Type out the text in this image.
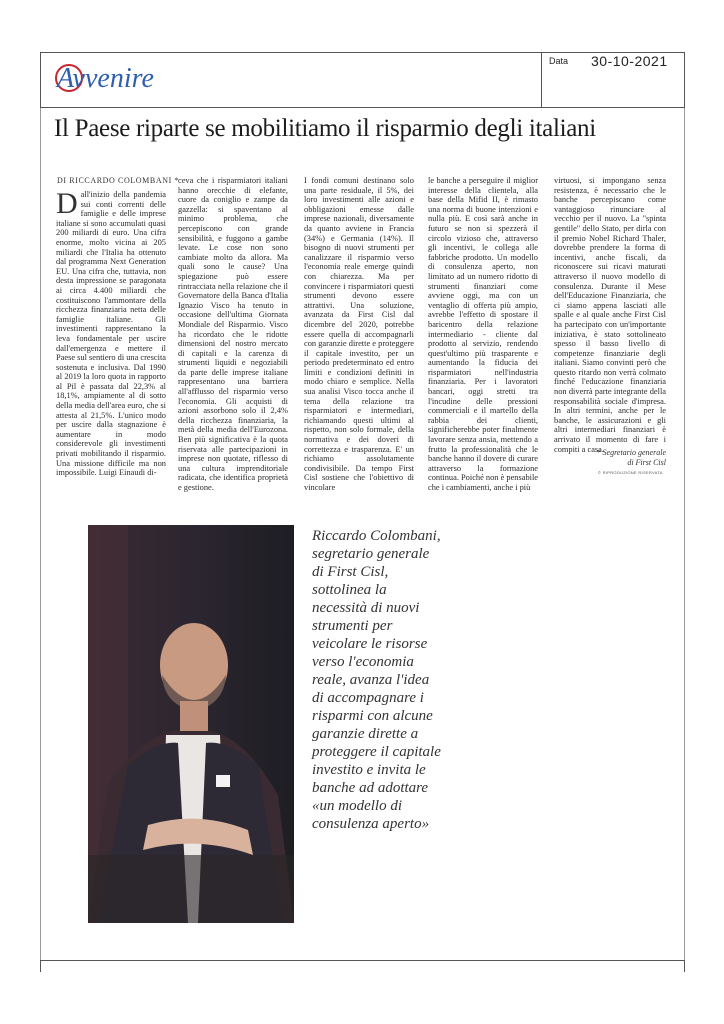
Avvenire
Data 30-10-2021
Il Paese riparte se mobilitiamo il risparmio degli italiani
DI RICCARDO COLOMBANI *
Dall'inizio della pandemia sui conti correnti delle famiglie e delle imprese italiane si sono accumulati quasi 200 miliardi di euro. Una cifra enorme, molto vicina ai 205 miliardi che l'Italia ha ottenuto dal programma Next Generation EU. Una cifra che, tuttavia, non desta impressione se paragonata ai circa 4.400 miliardi che costituiscono l'ammontare della ricchezza finanziaria netta delle famiglie italiane. Gli investimenti rappresentano la leva fondamentale per uscire dall'emergenza e mettere il Paese sul sentiero di una crescita sostenuta e inclusiva. Dal 1990 al 2019 la loro quota in rapporto al Pil è passata dal 22,3% al 18,1%, ampiamente al di sotto della media dell'area euro, che si attesta al 21,5%. L'unico modo per uscire dalla stagnazione è aumentare in modo considerevole gli investimenti privati mobilitando il risparmio. Una missione difficile ma non impossibile. Luigi Einaudi di-
ceva che i risparmiatori italiani hanno orecchie di elefante, cuore da coniglio e zampe da gazzella: si spaventano al minimo problema, che percepiscono con grande sensibilità, e fuggono a gambe levate. Le cose non sono cambiate molto da allora. Ma quali sono le cause? Una spiegazione può essere rintracciata nella relazione che il Governatore della Banca d'Italia Ignazio Visco ha tenuto in occasione dell'ultima Giornata Mondiale del Risparmio. Visco ha ricordato che le ridotte dimensioni del nostro mercato di capitali e la carenza di strumenti liquidi e negoziabili da parte delle imprese italiane rappresentano una barriera all'afflusso del risparmio verso l'economia. Gli acquisti di azioni assorbono solo il 2,4% della ricchezza finanziaria, la metà della media dell'Eurozona. Ben più significativa è la quota riservata alle partecipazioni in imprese non quotate, riflesso di una cultura imprenditoriale radicata, che identifica proprietà e gestione.
I fondi comuni destinano solo una parte residuale, il 5%, dei loro investimenti alle azioni e obbligazioni emesse dalle imprese nazionali, diversamente da quanto avviene in Francia (34%) e Germania (14%). Il bisogno di nuovi strumenti per canalizzare il risparmio verso l'economia reale emerge quindi con chiarezza. Ma per convincere i risparmiatori questi strumenti devono essere attrattivi. Una soluzione, avanzata da First Cisl dal dicembre del 2020, potrebbe essere quella di accompagnarli con garanzie dirette e proteggere il capitale investito, per un periodo predeterminato ed entro limiti e condizioni definiti in modo chiaro e semplice. Nella sua analisi Visco tocca anche il tema della relazione tra risparmiatori e intermediari, richiamando questi ultimi al rispetto, non solo formale, della normativa e dei doveri di correttezza e trasparenza. E' un richiamo assolutamente condivisibile. Da tempo First Cisl sostiene che l'obiettivo di vincolare
le banche a perseguire il miglior interesse della clientela, alla base della Mifid II, è rimasto una norma di buone intenzioni e nulla più. E così sarà anche in futuro se non si spezzerà il circolo vizioso che, attraverso gli incentivi, le collega alle fabbriche prodotto. Un modello di consulenza aperto, non limitato ad un numero ridotto di strumenti finanziari come avviene oggi, ma con un ventaglio di offerta più ampio, avrebbe l'effetto di spostare il baricentro della relazione intermediario - cliente dal prodotto al servizio, rendendo quest'ultimo più trasparente e aumentando la fiducia dei risparmiatori nell'industria finanziaria. Per i lavoratori bancari, oggi stretti tra l'incudine delle pressioni commerciali e il martello della rabbia dei clienti, significherebbe poter finalmente lavorare senza ansia, mettendo a frutto la professionalità che le banche hanno il dovere di curare attraverso la formazione continua. Poiché non è pensabile che i cambiamenti, anche i più
virtuosi, si impongano senza resistenza, è necessario che le banche percepiscano come vantaggioso rinunciare al vecchio per il nuovo. La "spinta gentile" dello Stato, per dirla con il premio Nobel Richard Thaler, dovrebbe prendere la forma di incentivi, anche fiscali, da riconoscere sui ricavi maturati attraverso il nuovo modello di consulenza. Durante il Mese dell'Educazione Finanziaria, che ci siamo appena lasciati alle spalle e al quale anche First Cisl ha partecipato con un'importante iniziativa, è stato sottolineato spesso il basso livello di competenze finanziarie degli italiani. Siamo convinti però che questo ritardo non verrà colmato finché l'educazione finanziaria non diverrà parte integrante della responsabilità sociale d'impresa. In altri termini, anche per le banche, le assicurazioni e gli altri intermediari finanziari è arrivato il momento di fare i compiti a casa.
* Segretario generale
di First Cisl
© RIPRODUZIONE RISERVATA
Riccardo Colombani, segretario generale di First Cisl, sottolinea la necessità di nuovi strumenti per veicolare le risorse verso l'economia reale, avanza l'idea di accompagnare i risparmi con alcune garanzie dirette a proteggere il capitale investito e invita le banche ad adottare «un modello di consulenza aperto»
